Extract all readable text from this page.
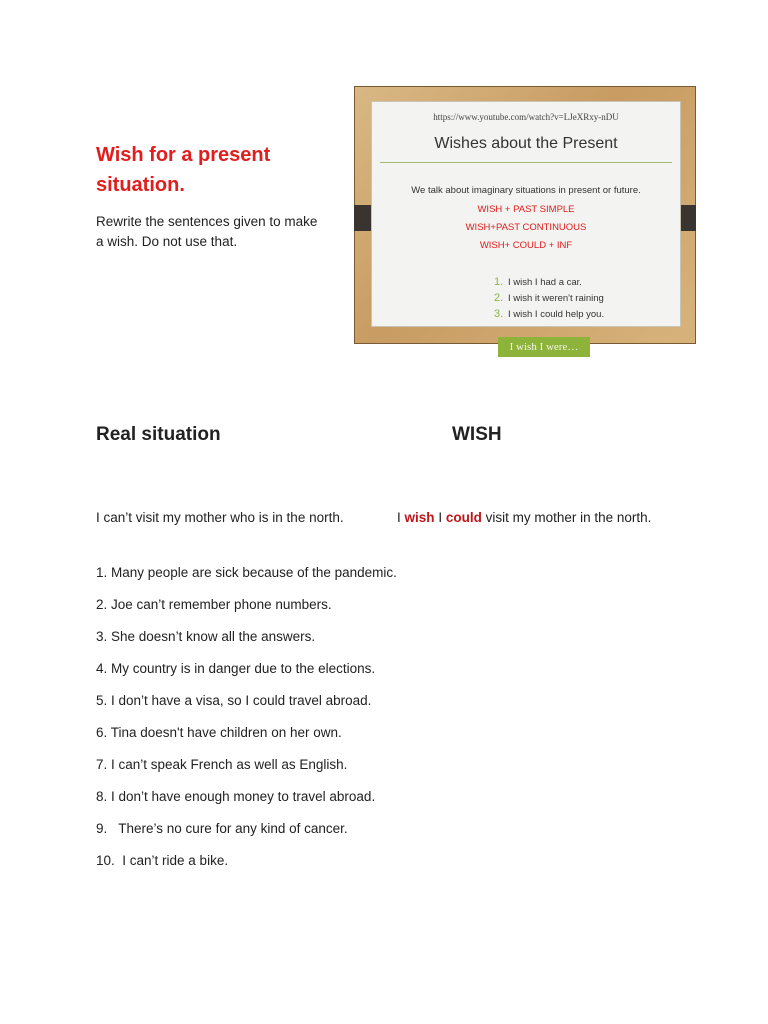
Wish for a present situation.
Rewrite the sentences given to make a wish. Do not use that.
https://www.youtube.com/watch?v=LJeXRxy-nDU
Wishes about the Present
We talk about imaginary situations in present or future.
WISH + PAST SIMPLE
WISH+PAST CONTINUOUS
WISH+ COULD + INF
1. I wish I had a car.
2. I wish it weren't raining
3. I wish I could help you.
I wish I were…
Real situation	WISH
I can’t visit my mother who is in the north.	I wish I could visit my mother in the north.
1. Many people are sick because of the pandemic.
2. Joe can’t remember phone numbers.
3. She doesn’t know all the answers.
4. My country is in danger due to the elections.
5. I don’t have a visa, so I could travel abroad.
6. Tina doesn't have children on her own.
7. I can’t speak French as well as English.
8. I don’t have enough money to travel abroad.
9.   There’s no cure for any kind of cancer.
10.  I can’t ride a bike.
